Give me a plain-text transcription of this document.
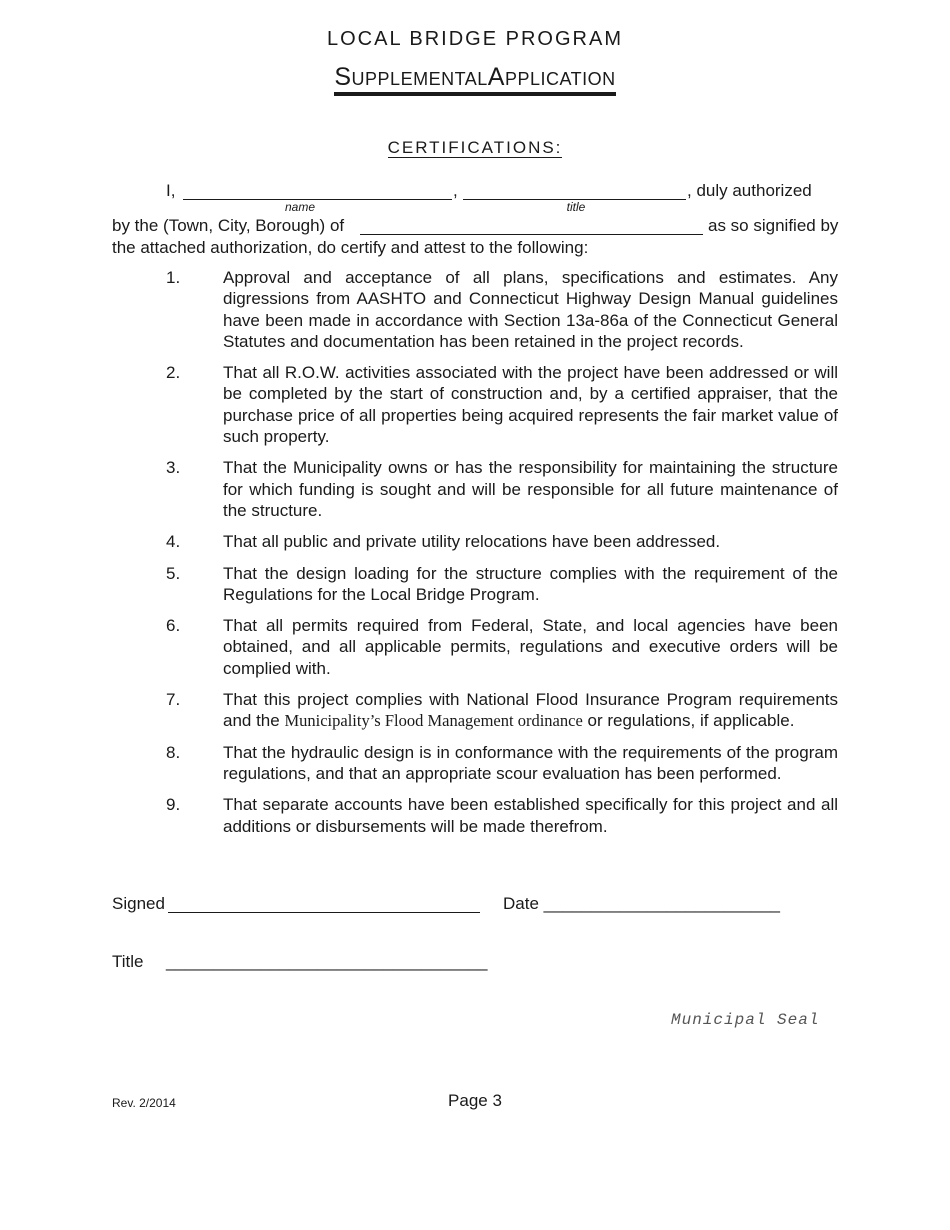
LOCAL BRIDGE PROGRAM
SupplementalApplication
CERTIFICATIONS:
I,	,	, duly authorized
name	title
by the (Town, City, Borough) of	as so signified by
the attached authorization, do certify and attest to the following:
1.	Approval and acceptance of all plans, specifications and estimates. Any digressions from AASHTO and Connecticut Highway Design Manual guidelines have been made in accordance with Section 13a-86a of the Connecticut General Statutes and documentation has been retained in the project records.
2.	That all R.O.W. activities associated with the project have been addressed or will be completed by the start of construction and, by a certified appraiser, that the purchase price of all properties being acquired represents the fair market value of such property.
3.	That the Municipality owns or has the responsibility for maintaining the structure for which funding is sought and will be responsible for all future maintenance of the structure.
4.	That all public and private utility relocations have been addressed.
5.	That the design loading for the structure complies with the requirement of the Regulations for the Local Bridge Program.
6.	That all permits required from Federal, State, and local agencies have been obtained, and all applicable permits, regulations and executive orders will be complied with.
7.	That this project complies with National Flood Insurance Program requirements and the Municipality’s Flood Management ordinance or regulations, if applicable.
8.	That the hydraulic design is in conformance with the requirements of the program regulations, and that an appropriate scour evaluation has been performed.
9.	That separate accounts have been established specifically for this project and all additions or disbursements will be made therefrom.
Signed	Date _________________________
Title __________________________________
Municipal Seal
Rev. 2/2014	Page 3
